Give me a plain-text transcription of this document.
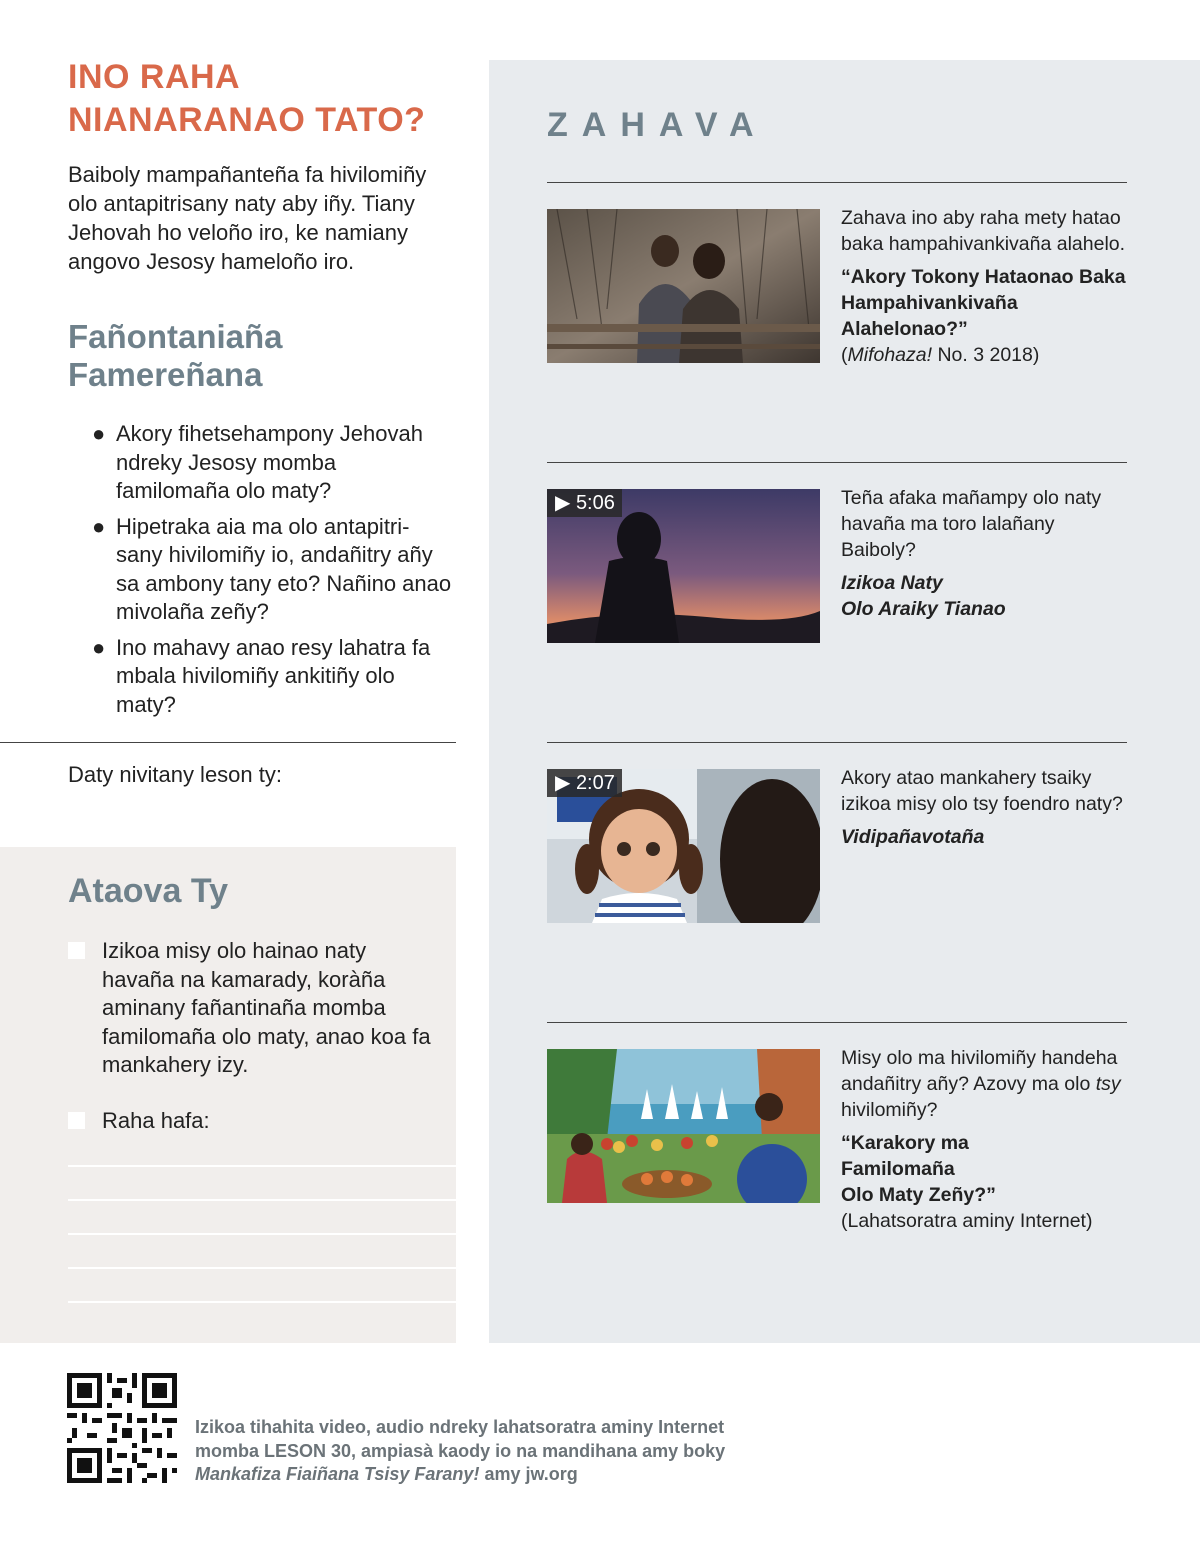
INO RAHA
NIANARANAO TATO?

Baiboly mampañanteña fa hivilomiñy olo antapitrisany naty aby iñy. Tiany Jehovah ho veloño iro, ke namiany angovo Jesosy hameloño iro.

Fañontaniaña
Famereñana
● Akory fihetsehampony Jehovah ndreky Jesosy momba familomaña olo maty?
● Hipetraka aia ma olo antapitri-sany hivilomiñy io, andañitry añy sa ambony tany eto? Nañino anao mivolaña zeñy?
● Ino mahavy anao resy lahatra fa mbala hivilomiñy ankitiñy olo maty?
Daty nivitany leson ty:
Ataova Ty
Izikoa misy olo hainao naty havaña na kamarady, koràña aminany fañantinaña momba familomaña olo maty, anao koa fa mankahery izy.
Raha hafa:
ZAHAVA
Zahava ino aby raha mety hatao baka hampahivankivaña alahelo.
“Akory Tokony Hataonao Baka Hampahivankivaña Alahelonao?”
(Mifohaza! No. 3 2018)
▶ 5:06	Teña afaka mañampy olo naty havaña ma toro lalañany Baiboly?
Izikoa Naty
Olo Araiky Tianao
▶ 2:07	Akory atao mankahery tsaiky izikoa misy olo tsy foendro naty?
Vidipañavotaña
Misy olo ma hivilomiñy handeha andañitry añy? Azovy ma olo tsy hivilomiñy?
“Karakory ma
Familomaña
Olo Maty Zeñy?”
(Lahatsoratra aminy Internet)
Izikoa tihahita video, audio ndreky lahatsoratra aminy Internet
momba LESON 30, ampiasà kaody io na mandihana amy boky
Mankafiza Fiaiñana Tsisy Farany! amy jw.org
